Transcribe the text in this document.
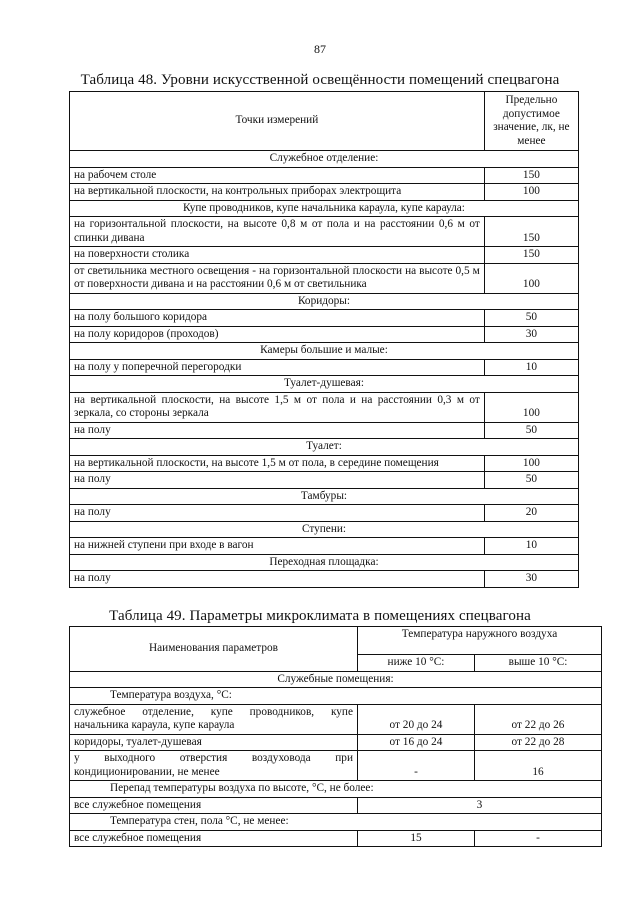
87
Таблица 48. Уровни искусственной освещённости помещений спецвагона
Точки измерений	Предельно допустимое значение, лк, не менее
Служебное отделение:	
на рабочем столе	150
на вертикальной плоскости, на контрольных приборах электрощита	100
Купе проводников, купе начальника караула, купе караула:	
на горизонтальной плоскости, на высоте 0,8 м от пола и на расстоянии 0,6 м от спинки дивана	150
на поверхности столика	150
от светильника местного освещения - на горизонтальной плоскости на высоте 0,5 м от поверхности дивана и на расстоянии 0,6 м от светильника	100
Коридоры:	
на полу большого коридора	50
на полу коридоров (проходов)	30
Камеры большие и малые:	
на полу у поперечной перегородки	10
Туалет-душевая:	
на вертикальной плоскости, на высоте 1,5 м от пола и на расстоянии 0,3 м от зеркала, со стороны зеркала	100
на полу	50
Туалет:	
на вертикальной плоскости, на высоте 1,5 м от пола, в середине помещения	100
на полу	50
Тамбуры:	
на полу	20
Ступени:	
на нижней ступени при входе в вагон	10
Переходная площадка:	
на полу	30
Таблица 49. Параметры микроклимата в помещениях спецвагона
Наименования параметров	Температура наружного воздуха	
	ниже 10 °С:	выше 10 °С:
Служебные помещения:		
Температура воздуха, °С:		
служебное отделение, купе проводников, купе начальника караула, купе караула	от 20 до 24	от 22 до 26
коридоры, туалет-душевая	от 16 до 24	от 22 до 28
у выходного отверстия воздуховода при кондиционировании, не менее	-	16
Перепад температуры воздуха по высоте, °С, не более:		
все служебное помещения	3	
Температура стен, пола °С, не менее:		
все служебное помещения	15	-
